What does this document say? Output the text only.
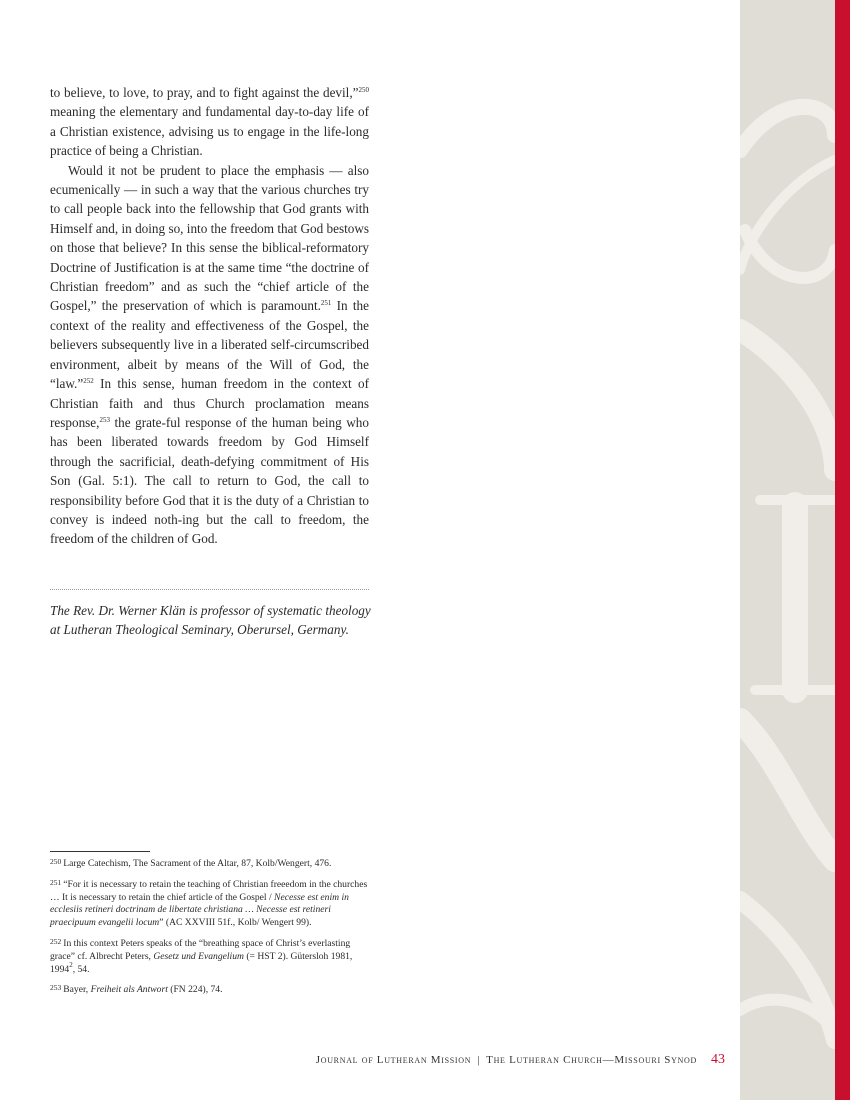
to believe, to love, to pray, and to fight against the devil,”$^{250}$ meaning the elementary and fundamental day-to-day life of a Christian existence, advising us to engage in the life-long practice of being a Christian.

Would it not be prudent to place the emphasis — also ecumenically — in such a way that the various churches try to call people back into the fellowship that God grants with Himself and, in doing so, into the freedom that God bestows on those that believe? In this sense the biblical-reformatory Doctrine of Justification is at the same time “the doctrine of Christian freedom” and as such the “chief article of the Gospel,” the preservation of which is paramount.$^{251}$ In the context of the reality and effectiveness of the Gospel, the believers subsequently live in a liberated self-circumscribed environment, albeit by means of the Will of God, the “law.”$^{252}$ In this sense, human freedom in the context of Christian faith and thus Church proclamation means response,$^{253}$ the grate-ful response of the human being who has been liberated towards freedom by God Himself through the sacrificial, death-defying commitment of His Son (Gal. 5:1). The call to return to God, the call to responsibility before God that it is the duty of a Christian to convey is indeed noth-ing but the call to freedom, the freedom of the children of God.

The Rev. Dr. Werner Klän is professor of systematic theology at Lutheran Theological Seminary, Oberursel, Germany.

$^{250}$ Large Catechism, The Sacrament of the Altar, 87, Kolb/Wengert, 476.

$^{251}$ “For it is necessary to retain the teaching of Christian freeedom in the churches … It is necessary to retain the chief article of the Gospel / Necesse est enim in ecclesiis retineri doctrinam de libertate christiana … Necesse est retineri praecipuum evangelii locum” (AC XXVIII 51f., Kolb/ Wengert 99).

$^{252}$ In this context Peters speaks of the “breathing space of Christ’s everlasting grace” cf. Albrecht Peters, Gesetz und Evangelium (= HST 2). Gütersloh 1981, 1994$^2$, 54.

$^{253}$ Bayer, Freiheit als Antwort (FN 224), 74.

Journal of Lutheran Mission | The Lutheran Church—Missouri Synod 43
